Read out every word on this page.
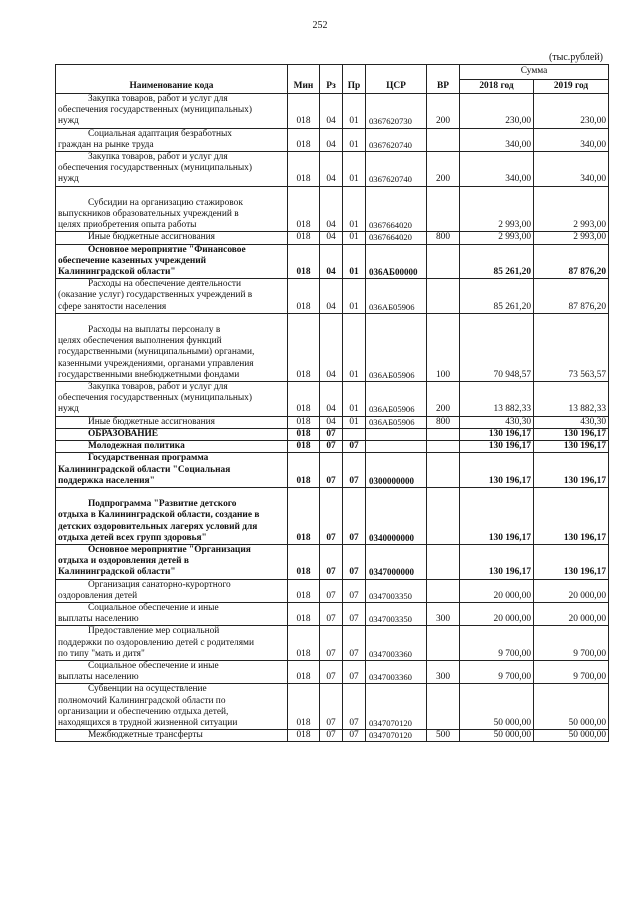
252
(тыс.рублей)
Наименование кода	Мин	Рз	Пр	ЦСР	ВР	Сумма	
						2018 год	2019 год

Закупка товаров, работ и услуг для
обеспечения государственных (муниципальных)
нужд	018	04	01	0367620730	200	230,00	230,00

Социальная адаптация безработных
граждан на рынке труда	018	04	01	0367620740		340,00	340,00

Закупка товаров, работ и услуг для
обеспечения государственных (муниципальных)
нужд	018	04	01	0367620740	200	340,00	340,00

Субсидии на организацию стажировок
выпускников образовательных учреждений в
целях приобретения опыта работы	018	04	01	0367664020		2 993,00	2 993,00

Иные бюджетные ассигнования	018	04	01	0367664020	800	2 993,00	2 993,00

Основное мероприятие "Финансовое
обеспечение казенных учреждений
Калининградской области"	018	04	01	036АБ00000		85 261,20	87 876,20

Расходы на обеспечение деятельности
(оказание услуг) государственных учреждений в
сфере занятости населения	018	04	01	036АБ05906		85 261,20	87 876,20

Расходы на выплаты персоналу в
целях обеспечения выполнения функций
государственными (муниципальными) органами,
казенными учреждениями, органами управления
государственными внебюджетными фондами	018	04	01	036АБ05906	100	70 948,57	73 563,57

Закупка товаров, работ и услуг для
обеспечения государственных (муниципальных)
нужд	018	04	01	036АБ05906	200	13 882,33	13 882,33

Иные бюджетные ассигнования	018	04	01	036АБ05906	800	430,30	430,30

ОБРАЗОВАНИЕ	018	07				130 196,17	130 196,17

Молодежная политика	018	07	07			130 196,17	130 196,17

Государственная программа
Калининградской области "Социальная
поддержка населения"	018	07	07	0300000000		130 196,17	130 196,17

Подпрограмма "Развитие детского
отдыха в Калининградской области, создание в
детских оздоровительных лагерях условий для
отдыха детей всех групп здоровья"	018	07	07	0340000000		130 196,17	130 196,17

Основное мероприятие "Организация
отдыха и оздоровления детей в
Калининградской области"	018	07	07	0347000000		130 196,17	130 196,17

Организация санаторно-курортного
оздоровления детей	018	07	07	0347003350		20 000,00	20 000,00

Социальное обеспечение и иные
выплаты населению	018	07	07	0347003350	300	20 000,00	20 000,00

Предоставление мер социальной
поддержки по оздоровлению детей с родителями
по типу "мать и дитя"	018	07	07	0347003360		9 700,00	9 700,00

Социальное обеспечение и иные
выплаты населению	018	07	07	0347003360	300	9 700,00	9 700,00

Субвенции на осуществление
полномочий Калининградской области по
организации и обеспечению отдыха детей,
находящихся в трудной жизненной ситуации	018	07	07	0347070120		50 000,00	50 000,00

Межбюджетные трансферты	018	07	07	0347070120	500	50 000,00	50 000,00
